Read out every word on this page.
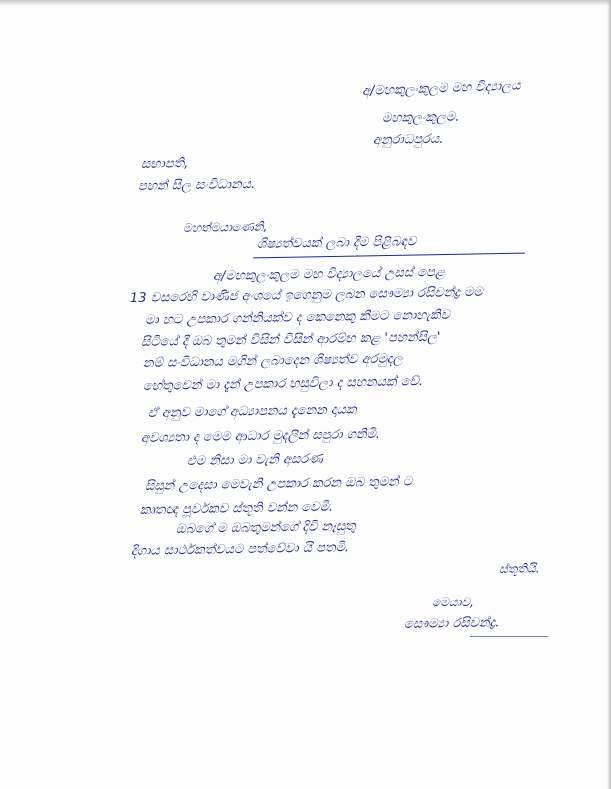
අ/මහකුලංකුලම මහ විද්‍යාලය
මහකුලංකුලම.
අනුරාධපුරය.
සභාපති,
පහන් සිල සංවිධානය.
මහත්මයාණෙනි,
ශිෂ්‍යත්වයක් ලබා දීම පිළිබඳව
අ/මහකුලංකුලම මහ විද්‍යාලයේ උසස් පෙළ
13 වසරෙහි වාණිජ අංශයේ ඉගෙනුම ලබන සෞම්‍යා රසිචන්ද්‍ර මම
මා හට උපකාර ගන්නියක්ව ද කෙනෙකු කීමට නොහැකිව
සිටියේ දී ඔබ තුමන් විසින් විසින් ආරම්භ කළ 'පහන්සිල'
නම් සංවිධානය මගින් ලබාදෙන ශිෂ්‍යත්ව අරමුදල
හේතුවෙන් මා දැන් උපකාර හසුවිලා ද සහනයක් වේ.
ඒ අනුව මාගේ අධ්‍යාපනය දැනෙන දායක
අවශ්‍යතා ද මෙම ආධාර මුදලින් සපුරා ගනිමි.
එම නිසා මා වැනි අසරණ
සිසුන් උදෙසා මෙවැනි උපකාර කරන ඔබ තුමන් ට
කෘතඥ පූර්වකව ස්තූති වන්න වෙමි.
ඔබගේ ම ඔබතුමන්ගේ දිවි නෑසුතු
දිගාය සාර්ථකත්වයට පත්වේවා යි පතමි.
ස්තූතියි.
මෙයාව,
සෞම්‍යා රසිචන්ද්‍ර.
